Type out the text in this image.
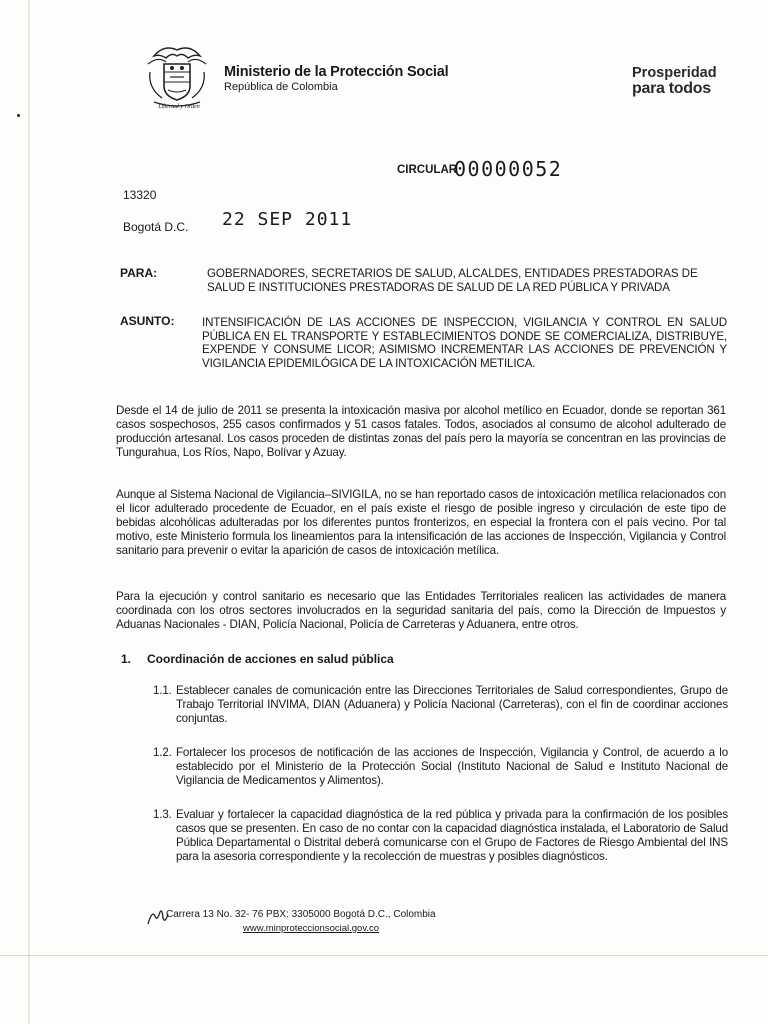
Libertad y Orden
Ministerio de la Protección Social
República de Colombia
Prosperidad
para todos
CIRCULAR
00000052
13320
Bogotá D.C. 22 SEP 2011
PARA:	GOBERNADORES, SECRETARIOS DE SALUD, ALCALDES, ENTIDADES PRESTADORAS DE
SALUD E INSTITUCIONES PRESTADORAS DE SALUD DE LA RED PÚBLICA Y PRIVADA
ASUNTO: INTENSIFICACIÓN DE LAS ACCIONES DE INSPECCION, VIGILANCIA Y CONTROL EN SALUD PÚBLICA EN EL TRANSPORTE Y ESTABLECIMIENTOS DONDE SE COMERCIALIZA, DISTRIBUYE, EXPENDE Y CONSUME LICOR; ASIMISMO INCREMENTAR LAS ACCIONES DE PREVENCIÓN Y VIGILANCIA EPIDEMILÓGICA DE LA INTOXICACIÓN METILICA.
Desde el 14 de julio de 2011 se presenta la intoxicación masiva por alcohol metílico en Ecuador, donde se reportan 361 casos sospechosos, 255 casos confirmados y 51 casos fatales. Todos, asociados al consumo de alcohol adulterado de producción artesanal. Los casos proceden de distintas zonas del país pero la mayoría se concentran en las provincias de Tungurahua, Los Ríos, Napo, Bolívar y Azuay.
Aunque al Sistema Nacional de Vigilancia–SIVIGILA, no se han reportado casos de intoxicación metílica relacionados con el licor adulterado procedente de Ecuador, en el país existe el riesgo de posible ingreso y circulación de este tipo de bebidas alcohólicas adulteradas por los diferentes puntos fronterizos, en especial la frontera con el país vecino. Por tal motivo, este Ministerio formula los lineamientos para la intensificación de las acciones de Inspección, Vigilancia y Control sanitario para prevenir o evitar la aparición de casos de intoxicación metílica.
Para la ejecución y control sanitario es necesario que las Entidades Territoriales realicen las actividades de manera coordinada con los otros sectores involucrados en la seguridad sanitaria del país, como la Dirección de Impuestos y Aduanas Nacionales - DIAN, Policía Nacional, Policía de Carreteras y Aduanera, entre otros.
1. Coordinación de acciones en salud pública
1.1. Establecer canales de comunicación entre las Direcciones Territoriales de Salud correspondientes, Grupo de Trabajo Territorial INVIMA, DIAN (Aduanera) y Policía Nacional (Carreteras), con el fin de coordinar acciones conjuntas.
1.2. Fortalecer los procesos de notificación de las acciones de Inspección, Vigilancia y Control, de acuerdo a lo establecido por el Ministerio de la Protección Social (Instituto Nacional de Salud e Instituto Nacional de Vigilancia de Medicamentos y Alimentos).
1.3. Evaluar y fortalecer la capacidad diagnóstica de la red pública y privada para la confirmación de los posibles casos que se presenten. En caso de no contar con la capacidad diagnóstica instalada, el Laboratorio de Salud Pública Departamental o Distrital deberá comunicarse con el Grupo de Factores de Riesgo Ambiental del INS para la asesoria correspondiente y la recolección de muestras y posibles diagnósticos.
Carrera 13 No. 32- 76 PBX: 3305000 Bogotá D.C., Colombia
www.minproteccionsocial.gov.co
